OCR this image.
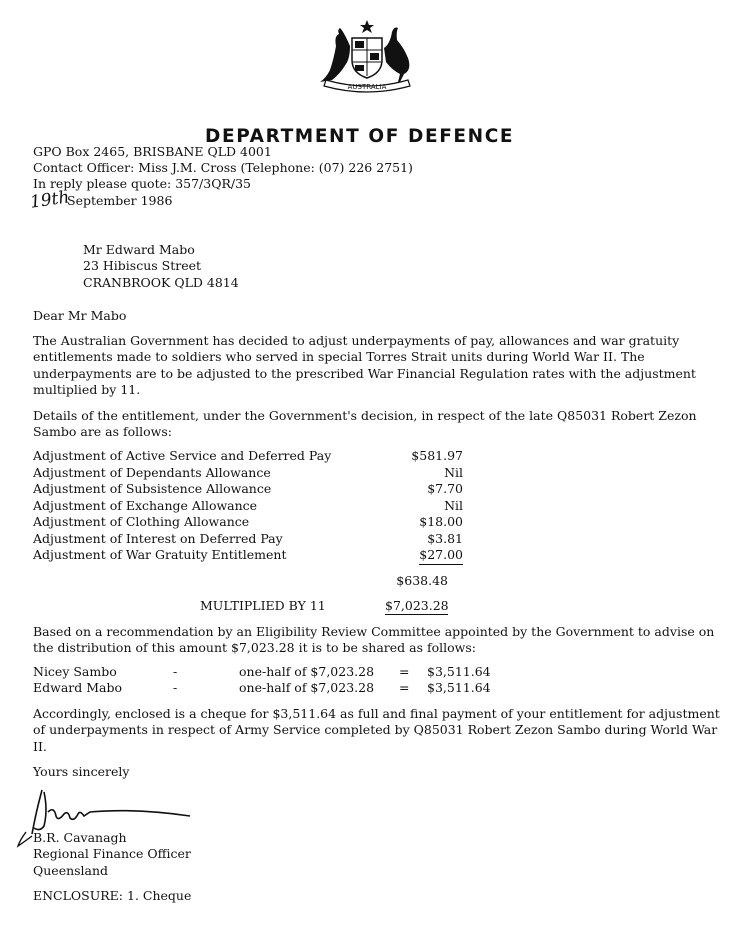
AUSTRALIA
DEPARTMENT OF DEFENCE
GPO Box 2465, BRISBANE QLD 4001
Contact Officer: Miss J.M. Cross (Telephone: (07) 226 2751)
In reply please quote: 357/3QR/35
19th
September 1986
Mr Edward Mabo
23 Hibiscus Street
CRANBROOK QLD 4814
Dear Mr Mabo
The Australian Government has decided to adjust underpayments of pay, allowances and war gratuity entitlements made to soldiers who served in special Torres Strait units during World War II. The underpayments are to be adjusted to the prescribed War Financial Regulation rates with the adjustment multiplied by 11.
Details of the entitlement, under the Government's decision, in respect of the late Q85031 Robert Zezon Sambo are as follows:
Adjustment of Active Service and Deferred Pay	$581.97
Adjustment of Dependants Allowance	Nil
Adjustment of Subsistence Allowance	$7.70
Adjustment of Exchange Allowance	Nil
Adjustment of Clothing Allowance	$18.00
Adjustment of Interest on Deferred Pay	$3.81
Adjustment of War Gratuity Entitlement	$27.00
$638.48
MULTIPLIED BY 11	$7,023.28
Based on a recommendation by an Eligibility Review Committee appointed by the Government to advise on the distribution of this amount $7,023.28 it is to be shared as follows:
Nicey Sambo	-	one-half of $7,023.28 = $3,511.64
Edward Mabo	-	one-half of $7,023.28 = $3,511.64
Accordingly, enclosed is a cheque for $3,511.64 as full and final payment of your entitlement for adjustment of underpayments in respect of Army Service completed by Q85031 Robert Zezon Sambo during World War II.
Yours sincerely
B.R. Cavanagh
Regional Finance Officer
Queensland
ENCLOSURE: 1. Cheque
